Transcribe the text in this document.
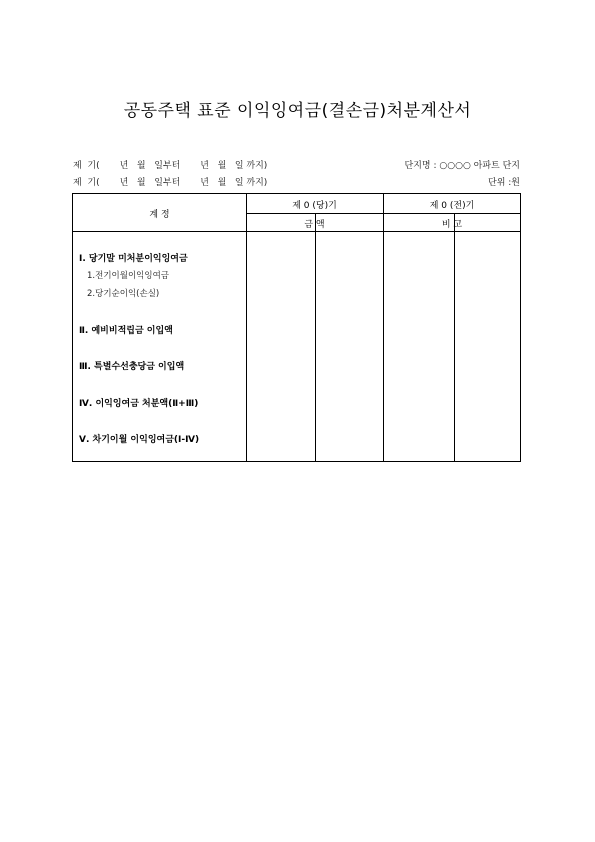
공동주택 표준 이익잉여금(결손금)처분계산서
제  기(       년   월   일부터       년   월   일 까지)
제  기(       년   월   일부터       년   월   일 까지)
단지명 : ○○○○ 아파트 단지
단위 :원
계 정
제 0 (당)기	제 0 (전)기
금 액	비 고
Ⅰ. 당기말 미처분이익잉여금
1.전기이월이익잉여금
2.당기순이익(손실)
Ⅱ. 예비비적립금 이입액
Ⅲ. 특별수선충당금 이입액
Ⅳ. 이익잉여금 처분액(Ⅱ+Ⅲ)
Ⅴ. 차기이월 이익잉여금(Ⅰ-Ⅳ)
